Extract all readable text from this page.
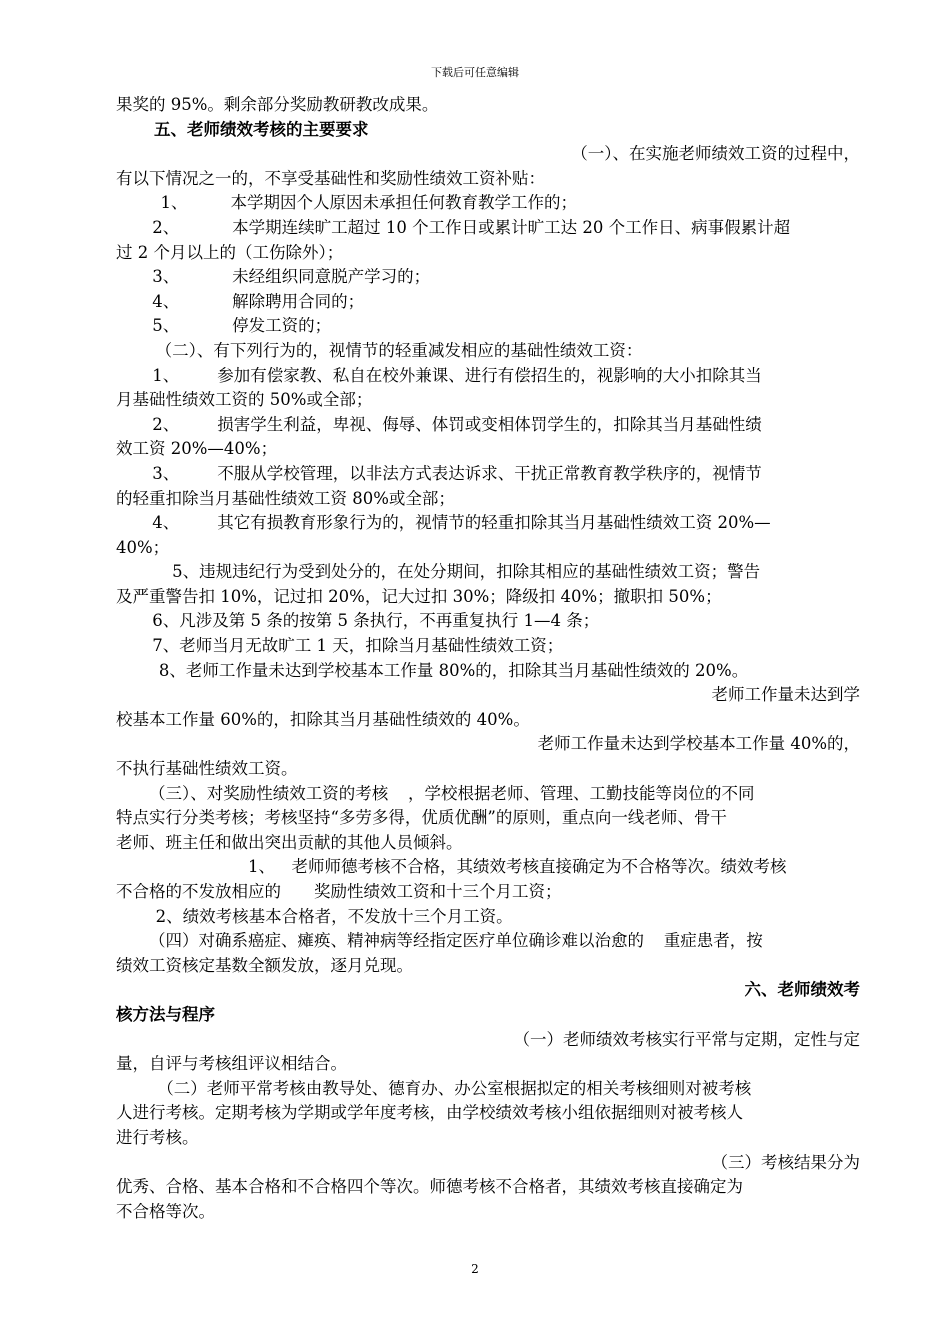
下载后可任意编辑
果奖的 95%。剩余部分奖励教研教改成果。
五、老师绩效考核的主要要求
（一）、在实施老师绩效工资的过程中，
有以下情况之一的，不享受基础性和奖励性绩效工资补贴：
1、	本学期因个人原因未承担任何教育教学工作的；
2、	本学期连续旷工超过 10 个工作日或累计旷工达 20 个工作日、病事假累计超
过 2 个月以上的（工伤除外）；
3、	未经组织同意脱产学习的；
4、	解除聘用合同的；
5、	停发工资的；
（二）、有下列行为的，视情节的轻重减发相应的基础性绩效工资：
1、 参加有偿家教、私自在校外兼课、进行有偿招生的，视影响的大小扣除其当
月基础性绩效工资的 50%或全部；
2、 损害学生利益，卑视、侮辱、体罚或变相体罚学生的，扣除其当月基础性绩
效工资 20%—40%；
3、 不服从学校管理，以非法方式表达诉求、干扰正常教育教学秩序的，视情节
的轻重扣除当月基础性绩效工资 80%或全部；
4、 其它有损教育形象行为的，视情节的轻重扣除其当月基础性绩效工资 20%—
40%；
5、违规违纪行为受到处分的，在处分期间，扣除其相应的基础性绩效工资；警告
及严重警告扣 10%，记过扣 20%，记大过扣 30%；降级扣 40%；撤职扣 50%；
6、凡涉及第 5 条的按第 5 条执行，不再重复执行 1—4 条；
7、老师当月无故旷工 1 天，扣除当月基础性绩效工资；
8、老师工作量未达到学校基本工作量 80%的，扣除其当月基础性绩效的 20%。
老师工作量未达到学
校基本工作量 60%的，扣除其当月基础性绩效的 40%。
老师工作量未达到学校基本工作量 40%的，
不执行基础性绩效工资。
（三）、对奖励性绩效工资的考核 ，学校根据老师、管理、工勤技能等岗位的不同
特点实行分类考核；考核坚持“多劳多得，优质优酬”的原则，重点向一线老师、骨干
老师、班主任和做出突出贡献的其他人员倾斜。
1、 老师师德考核不合格，其绩效考核直接确定为不合格等次。绩效考核
不合格的不发放相应的 奖励性绩效工资和十三个月工资；
2、绩效考核基本合格者，不发放十三个月工资。
（四）对确系癌症、瘫痪、精神病等经指定医疗单位确诊难以治愈的 重症患者，按
绩效工资核定基数全额发放，逐月兑现。
六、老师绩效考
核方法与程序
（一）老师绩效考核实行平常与定期，定性与定
量，自评与考核组评议相结合。
（二）老师平常考核由教导处、德育办、办公室根据拟定的相关考核细则对被考核
人进行考核。定期考核为学期或学年度考核，由学校绩效考核小组依据细则对被考核人
进行考核。
（三）考核结果分为
优秀、合格、基本合格和不合格四个等次。师德考核不合格者，其绩效考核直接确定为
不合格等次。
2
